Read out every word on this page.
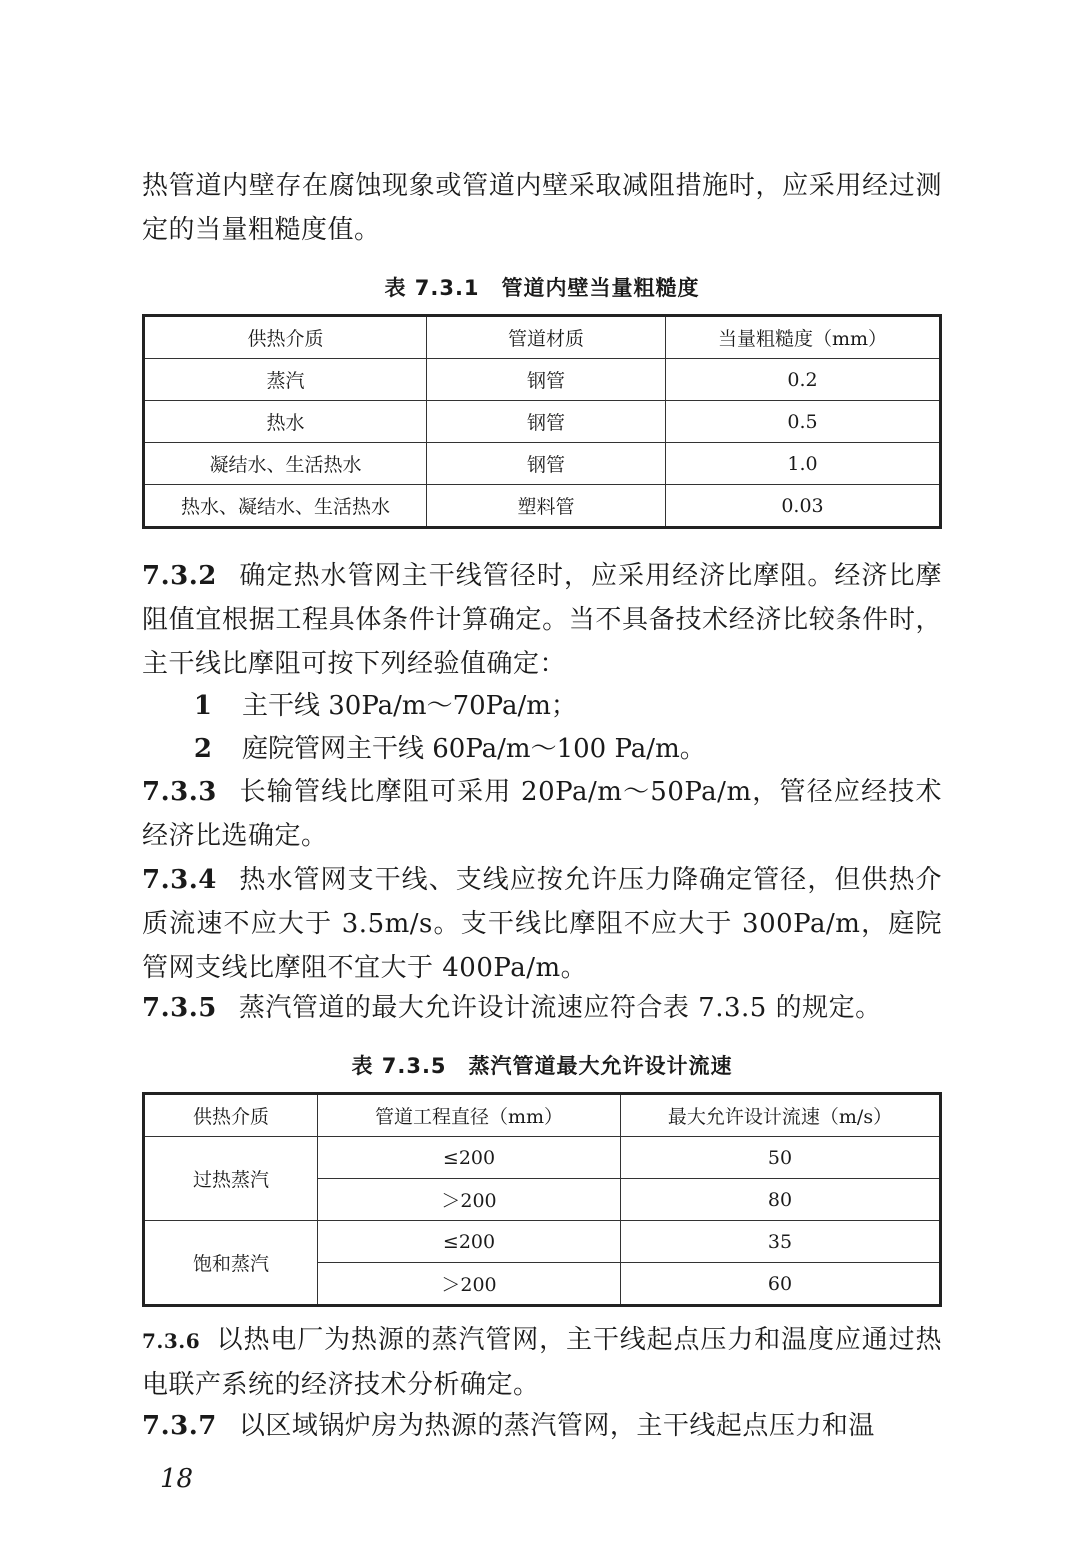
热管道内壁存在腐蚀现象或管道内壁采取减阻措施时，应采用经过测定的当量粗糙度值。
表 7.3.1　管道内壁当量粗糙度
供热介质	管道材质	当量粗糙度（mm）
蒸汽	钢管	0.2
热水	钢管	0.5
凝结水、生活热水	钢管	1.0
热水、凝结水、生活热水	塑料管	0.03
7.3.2 确定热水管网主干线管径时，应采用经济比摩阻。经济比摩阻值宜根据工程具体条件计算确定。当不具备技术经济比较条件时，主干线比摩阻可按下列经验值确定：
1 主干线 30Pa/m～70Pa/m；
2 庭院管网主干线 60Pa/m～100 Pa/m。
7.3.3 长输管线比摩阻可采用 20Pa/m～50Pa/m，管径应经技术经济比选确定。
7.3.4 热水管网支干线、支线应按允许压力降确定管径，但供热介质流速不应大于 3.5m/s。支干线比摩阻不应大于 300Pa/m，庭院管网支线比摩阻不宜大于 400Pa/m。
7.3.5 蒸汽管道的最大允许设计流速应符合表 7.3.5 的规定。
表 7.3.5　蒸汽管道最大允许设计流速
供热介质	管道工程直径（mm）	最大允许设计流速（m/s）
过热蒸汽	≤200	50
	＞200	80
饱和蒸汽	≤200	35
	＞200	60
7.3.6 以热电厂为热源的蒸汽管网，主干线起点压力和温度应通过热电联产系统的经济技术分析确定。
7.3.7 以区域锅炉房为热源的蒸汽管网，主干线起点压力和温
18
